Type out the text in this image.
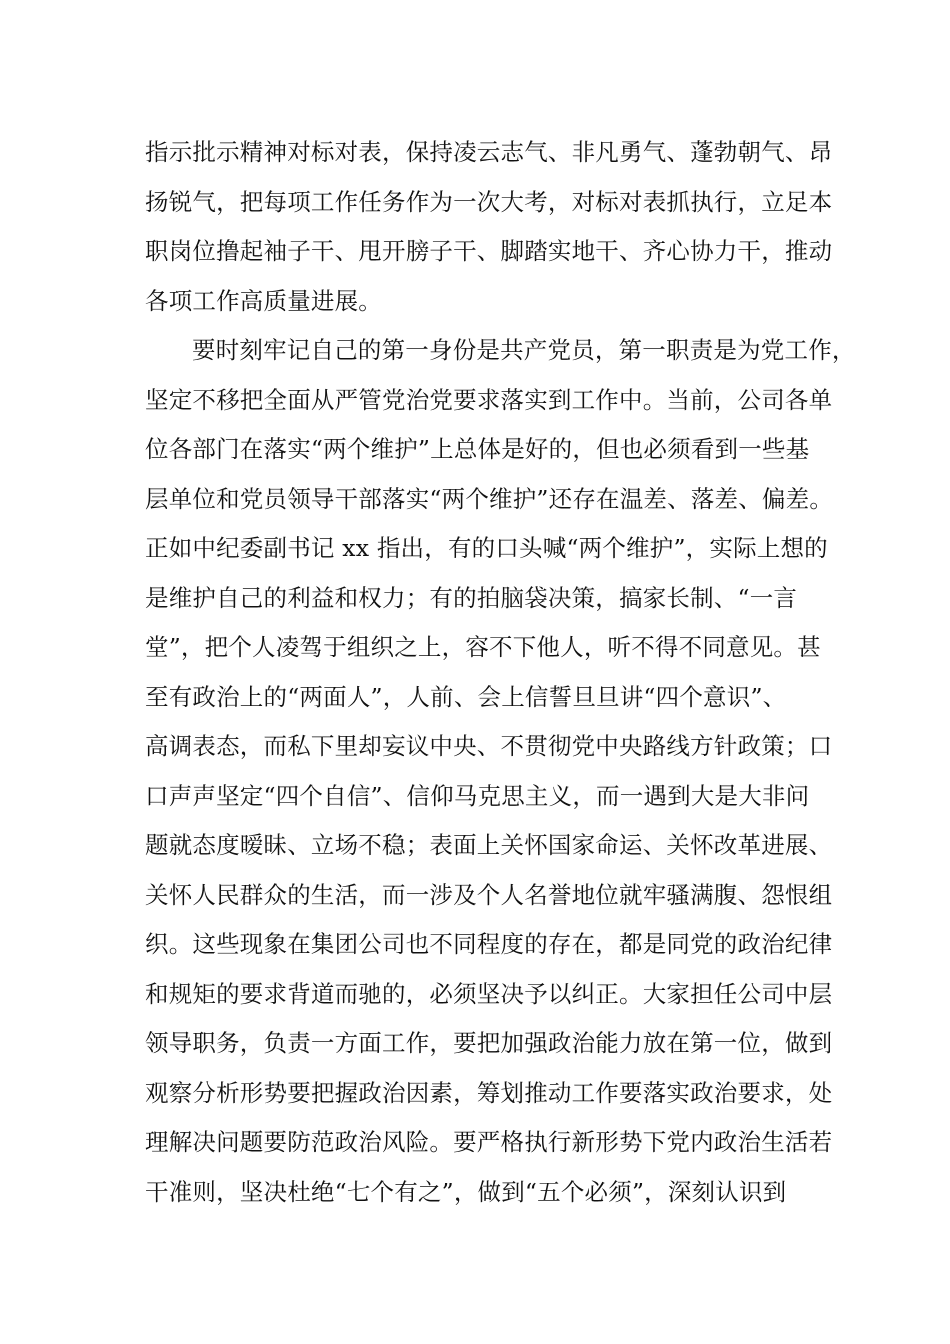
指示批示精神对标对表，保持凌云志气、非凡勇气、蓬勃朝气、昂
扬锐气，把每项工作任务作为一次大考，对标对表抓执行，立足本
职岗位撸起袖子干、甩开膀子干、脚踏实地干、齐心协力干，推动
各项工作高质量进展。
要时刻牢记自己的第一身份是共产党员，第一职责是为党工作，
坚定不移把全面从严管党治党要求落实到工作中。当前，公司各单
位各部门在落实“两个维护”上总体是好的，但也必须看到一些基
层单位和党员领导干部落实“两个维护”还存在温差、落差、偏差。
正如中纪委副书记 xx 指出，有的口头喊“两个维护”，实际上想的
是维护自己的利益和权力；有的拍脑袋决策，搞家长制、“一言
堂”，把个人凌驾于组织之上，容不下他人，听不得不同意见。甚
至有政治上的“两面人”，人前、会上信誓旦旦讲“四个意识”、
高调表态，而私下里却妄议中央、不贯彻党中央路线方针政策；口
口声声坚定“四个自信”、信仰马克思主义，而一遇到大是大非问
题就态度暧昧、立场不稳；表面上关怀国家命运、关怀改革进展、
关怀人民群众的生活，而一涉及个人名誉地位就牢骚满腹、怨恨组
织。这些现象在集团公司也不同程度的存在，都是同党的政治纪律
和规矩的要求背道而驰的，必须坚决予以纠正。大家担任公司中层
领导职务，负责一方面工作，要把加强政治能力放在第一位，做到
观察分析形势要把握政治因素，筹划推动工作要落实政治要求，处
理解决问题要防范政治风险。要严格执行新形势下党内政治生活若
干准则，坚决杜绝“七个有之”，做到“五个必须”，深刻认识到
